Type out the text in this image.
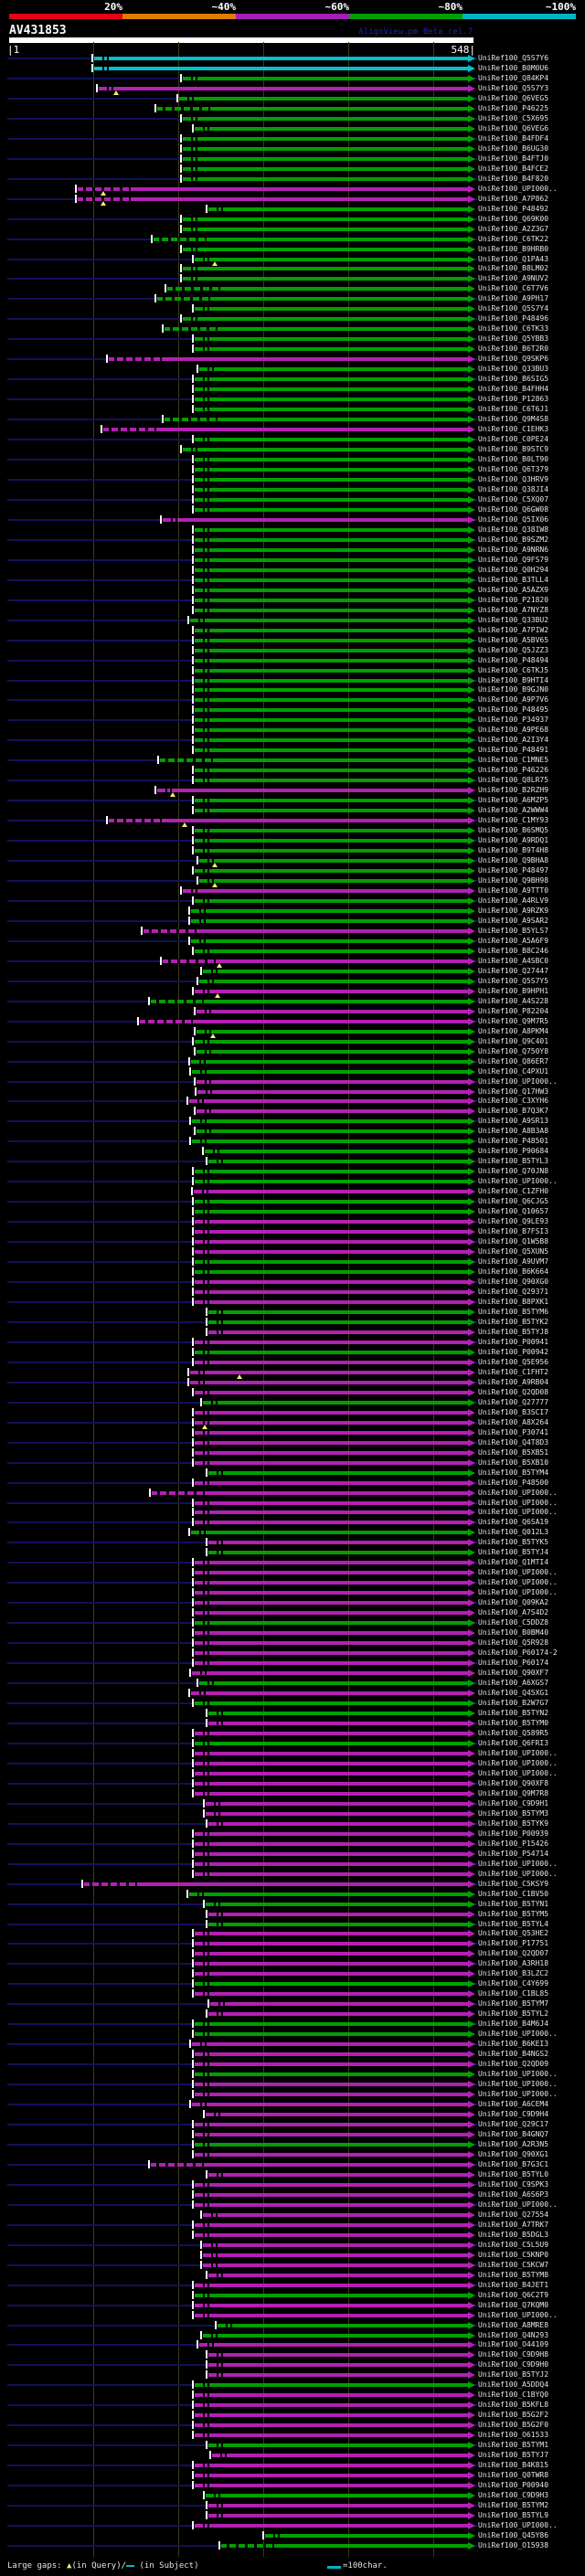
20%	~40%	~60%	~80%	~100%
AV431853	AlignView.pm Beta rel.7
|1	548|
UniRef100_Q5S7Y6
UniRef100_B0M0U6
UniRef100_Q84KP4
UniRef100_Q5S7Y3
UniRef100_Q6VEG5
UniRef100_P46225
UniRef100_C5X695
UniRef100_Q6VEG6
UniRef100_B4FDF4
UniRef100_B6UG30
UniRef100_B4FTJ0
UniRef100_B4FCE2
UniRef100_B4F820
UniRef100_UPI000..
UniRef100_A7P862
UniRef100_P48492
UniRef100_Q69K00
UniRef100_A2Z3G7
UniRef100_C6TK22
UniRef100_B9HRB0
UniRef100_Q1PA43
UniRef100_B8LM02
UniRef100_A9NUV2
UniRef100_C6T7V6
UniRef100_A9PH17
UniRef100_Q5S7Y4
UniRef100_P48496
UniRef100_C6TK33
UniRef100_Q5YBB3
UniRef100_B6T2R0
UniRef100_Q9SKP6
UniRef100_Q33BU3
UniRef100_B6SIG5
UniRef100_B4FHH4
UniRef100_P12863
UniRef100_C6T6J1
UniRef100_Q9M4S8
UniRef100_C1EHK3
UniRef100_C0PE24
UniRef100_B9STC9
UniRef100_B0LT90
UniRef100_Q6T379
UniRef100_Q3HRV9
UniRef100_Q38JI4
UniRef100_C5XQ07
UniRef100_Q6GW08
UniRef100_Q5IX06
UniRef100_Q38IW8
UniRef100_B9SZM2
UniRef100_A9NRN6
UniRef100_Q9FS79
UniRef100_Q0H294
UniRef100_B3TLL4
UniRef100_A5AZX9
UniRef100_P21820
UniRef100_A7NYZ8
UniRef100_Q33BU2
UniRef100_A7PIW2
UniRef100_A5BV65
UniRef100_Q5JZZ3
UniRef100_P48494
UniRef100_C6TKJ5
UniRef100_B9HTI4
UniRef100_B9GJN0
UniRef100_A9P7V6
UniRef100_P48495
UniRef100_P34937
UniRef100_A9PE68
UniRef100_A2I3Y4
UniRef100_P48491
UniRef100_C1MNE5
UniRef100_P46226
UniRef100_Q8LR75
UniRef100_B2RZH9
UniRef100_A6MZP5
UniRef100_A2WWW4
UniRef100_C1MY93
UniRef100_B6SMQ5
UniRef100_A9RDQ1
UniRef100_B9T4H8
UniRef100_Q9BHA8
UniRef100_P48497
UniRef100_Q9BH98
UniRef100_A9TTT0
UniRef100_A4RLV9
UniRef100_A9RZK9
UniRef100_A9SAR2
UniRef100_B5YLS7
UniRef100_A5A6F9
UniRef100_B8C246
UniRef100_A4SBC0
UniRef100_Q27447
UniRef100_Q5S7Y5
UniRef100_B9HPH1
UniRef100_A4S228
UniRef100_P82204
UniRef100_Q9M7R5
UniRef100_A8PKM4
UniRef100_Q9C401
UniRef100_Q750Y8
UniRef100_Q86ER7
UniRef100_C4PXU1
UniRef100_UPI000..
UniRef100_Q17HW3
UniRef100_C3XYH6
UniRef100_B7Q3K7
UniRef100_A9SR13
UniRef100_A8B3A8
UniRef100_P48501
UniRef100_P90684
UniRef100_B5TYL3
UniRef100_Q70JN8
UniRef100_UPI000..
UniRef100_C1ZFH0
UniRef100_Q6CJG5
UniRef100_Q10657
UniRef100_Q9LE93
UniRef100_B7FSI3
UniRef100_Q1W5B8
UniRef100_Q5XUN5
UniRef100_A9UVM7
UniRef100_B6K664
UniRef100_Q90XG0
UniRef100_Q29371
UniRef100_B8PXK1
UniRef100_B5TYM6
UniRef100_B5TYK2
UniRef100_B5TYJ8
UniRef100_P00941
UniRef100_P00942
UniRef100_Q5E956
UniRef100_C1FHT2
UniRef100_A9RB04
UniRef100_Q2QD08
UniRef100_Q27777
UniRef100_B3SCI7
UniRef100_A8X264
UniRef100_P30741
UniRef100_Q4T8D3
UniRef100_B5XB51
UniRef100_B5XB10
UniRef100_B5TYM4
UniRef100_P48500
UniRef100_UPI000..
UniRef100_UPI000..
UniRef100_UPI000..
UniRef100_Q6SA19
UniRef100_Q012L3
UniRef100_B5TYK5
UniRef100_B5TYJ4
UniRef100_Q1MTI4
UniRef100_UPI000..
UniRef100_UPI000..
UniRef100_UPI000..
UniRef100_Q09KA2
UniRef100_A7S4D2
UniRef100_C5DDZ8
UniRef100_B0BM40
UniRef100_Q5R928
UniRef100_P60174-2
UniRef100_P60174
UniRef100_Q90XF7
UniRef100_A6XGS7
UniRef100_Q45XG1
UniRef100_B2W7G7
UniRef100_B5TYN2
UniRef100_B5TYM0
UniRef100_Q589R5
UniRef100_Q6FRI3
UniRef100_UPI000..
UniRef100_UPI000..
UniRef100_UPI000..
UniRef100_Q90XF8
UniRef100_Q9M7R8
UniRef100_C9D9H1
UniRef100_B5TYM3
UniRef100_B5TYK9
UniRef100_P00939
UniRef100_P15426
UniRef100_P54714
UniRef100_UPI000..
UniRef100_UPI000..
UniRef100_C5KSY9
UniRef100_C1BV50
UniRef100_B5TYN1
UniRef100_B5TYM5
UniRef100_B5TYL4
UniRef100_Q53HE2
UniRef100_P17751
UniRef100_Q2QD07
UniRef100_A3RH18
UniRef100_B3LZC2
UniRef100_C4Y699
UniRef100_C1BL85
UniRef100_B5TYM7
UniRef100_B5TYL2
UniRef100_B4M6J4
UniRef100_UPI000..
UniRef100_B6KEI3
UniRef100_B4NGS2
UniRef100_Q2QD09
UniRef100_UPI000..
UniRef100_UPI000..
UniRef100_UPI000..
UniRef100_A6CEM4
UniRef100_C9D9H4
UniRef100_Q29C17
UniRef100_B4GNQ7
UniRef100_A2R3N5
UniRef100_Q90XG1
UniRef100_B7G3C1
UniRef100_B5TYL0
UniRef100_C9SPK3
UniRef100_A6S6P3
UniRef100_UPI000..
UniRef100_Q27554
UniRef100_A7TRK7
UniRef100_B5DGL3
UniRef100_C5L5U9
UniRef100_C5KNP0
UniRef100_C5KCW7
UniRef100_B5TYM8
UniRef100_B4JET1
UniRef100_Q6C2T9
UniRef100_Q7KQM0
UniRef100_UPI000..
UniRef100_A8MRE8
UniRef100_Q4N293
UniRef100_O44109
UniRef100_C9D9H8
UniRef100_C9D9H0
UniRef100_B5TYJ2
UniRef100_A5DDQ4
UniRef100_C1BYQ0
UniRef100_B5KFL8
UniRef100_B5G2F2
UniRef100_B5G2F0
UniRef100_O61533
UniRef100_B5TYM1
UniRef100_B5TYJ7
UniRef100_B4K815
UniRef100_Q0TWR8
UniRef100_P00940
UniRef100_C9D9H3
UniRef100_B5TYM2
UniRef100_B5TYL9
UniRef100_UPI000..
UniRef100_Q45Y86
UniRef100_O15938
Large gaps: ▲(in Query)/ (in Subject)	=100char.
